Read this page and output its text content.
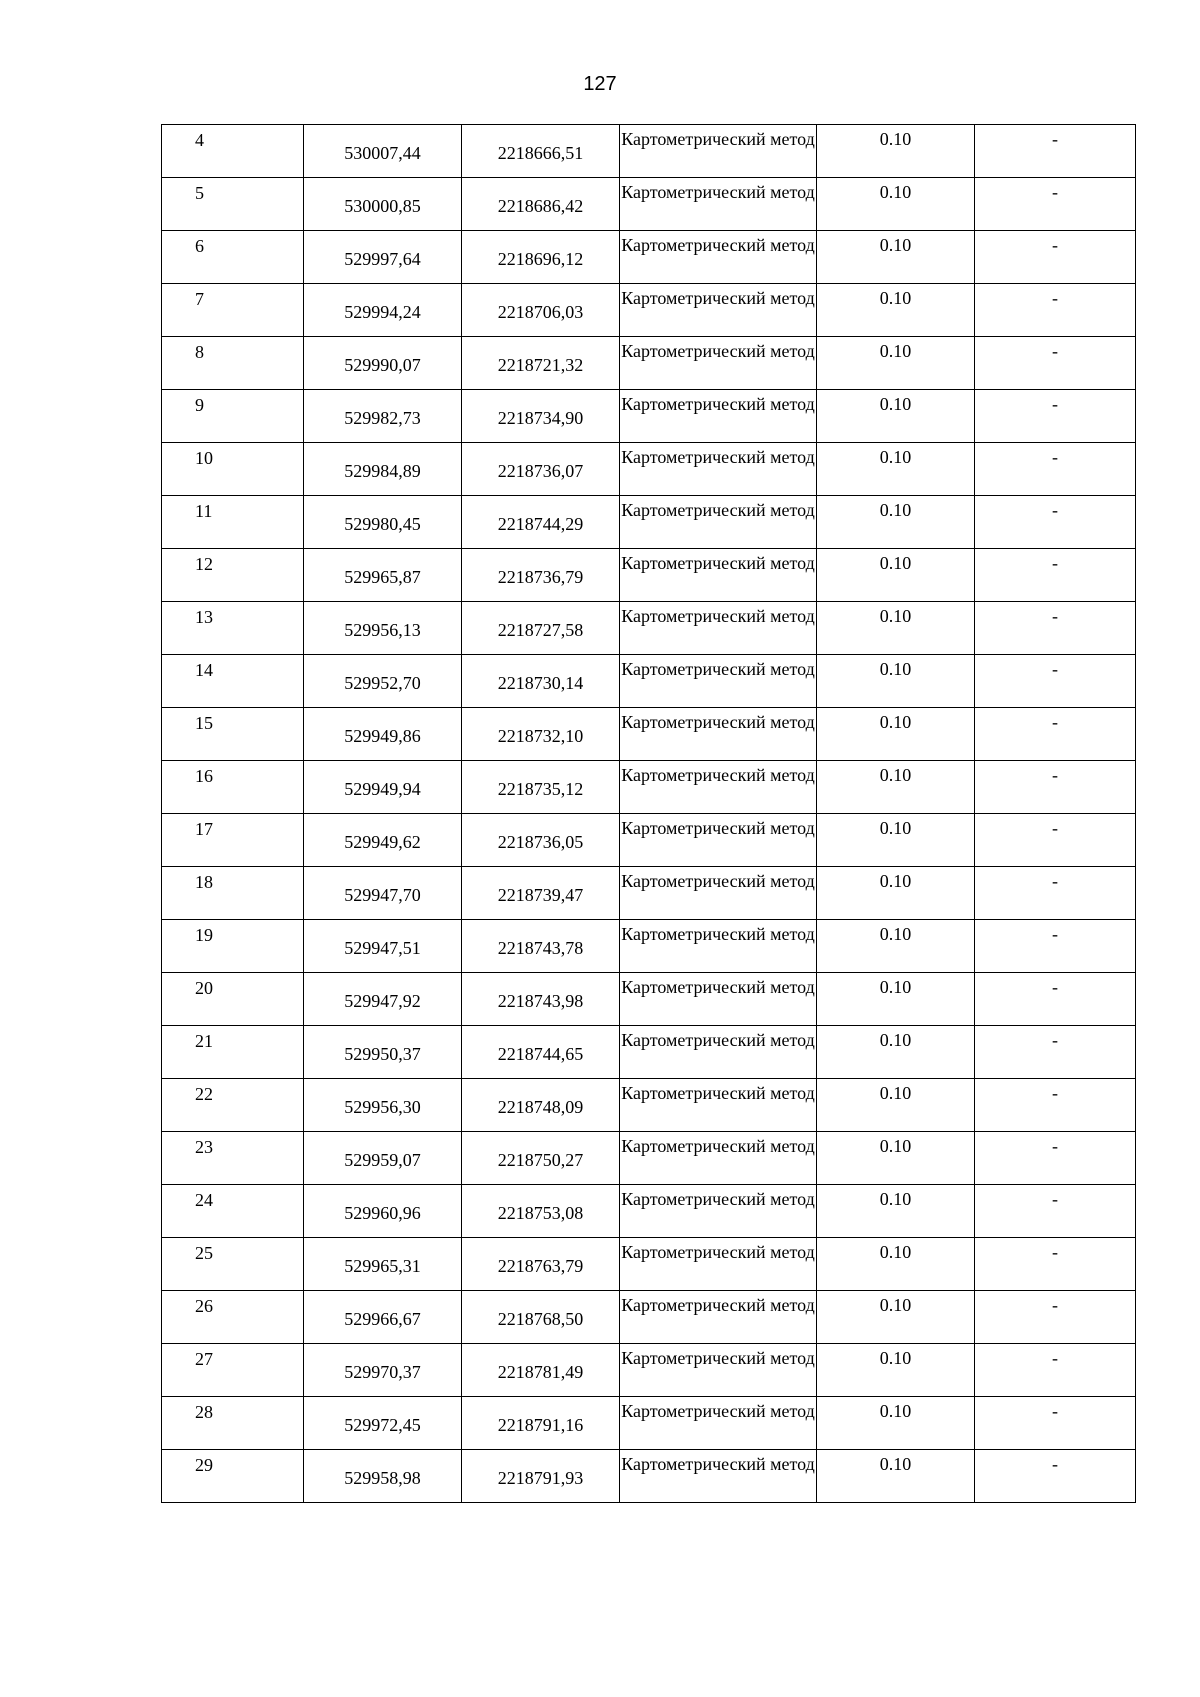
127
4	530007,44	2218666,51	Картометрический метод	0.10	-
5	530000,85	2218686,42	Картометрический метод	0.10	-
6	529997,64	2218696,12	Картометрический метод	0.10	-
7	529994,24	2218706,03	Картометрический метод	0.10	-
8	529990,07	2218721,32	Картометрический метод	0.10	-
9	529982,73	2218734,90	Картометрический метод	0.10	-
10	529984,89	2218736,07	Картометрический метод	0.10	-
11	529980,45	2218744,29	Картометрический метод	0.10	-
12	529965,87	2218736,79	Картометрический метод	0.10	-
13	529956,13	2218727,58	Картометрический метод	0.10	-
14	529952,70	2218730,14	Картометрический метод	0.10	-
15	529949,86	2218732,10	Картометрический метод	0.10	-
16	529949,94	2218735,12	Картометрический метод	0.10	-
17	529949,62	2218736,05	Картометрический метод	0.10	-
18	529947,70	2218739,47	Картометрический метод	0.10	-
19	529947,51	2218743,78	Картометрический метод	0.10	-
20	529947,92	2218743,98	Картометрический метод	0.10	-
21	529950,37	2218744,65	Картометрический метод	0.10	-
22	529956,30	2218748,09	Картометрический метод	0.10	-
23	529959,07	2218750,27	Картометрический метод	0.10	-
24	529960,96	2218753,08	Картометрический метод	0.10	-
25	529965,31	2218763,79	Картометрический метод	0.10	-
26	529966,67	2218768,50	Картометрический метод	0.10	-
27	529970,37	2218781,49	Картометрический метод	0.10	-
28	529972,45	2218791,16	Картометрический метод	0.10	-
29	529958,98	2218791,93	Картометрический метод	0.10	-
